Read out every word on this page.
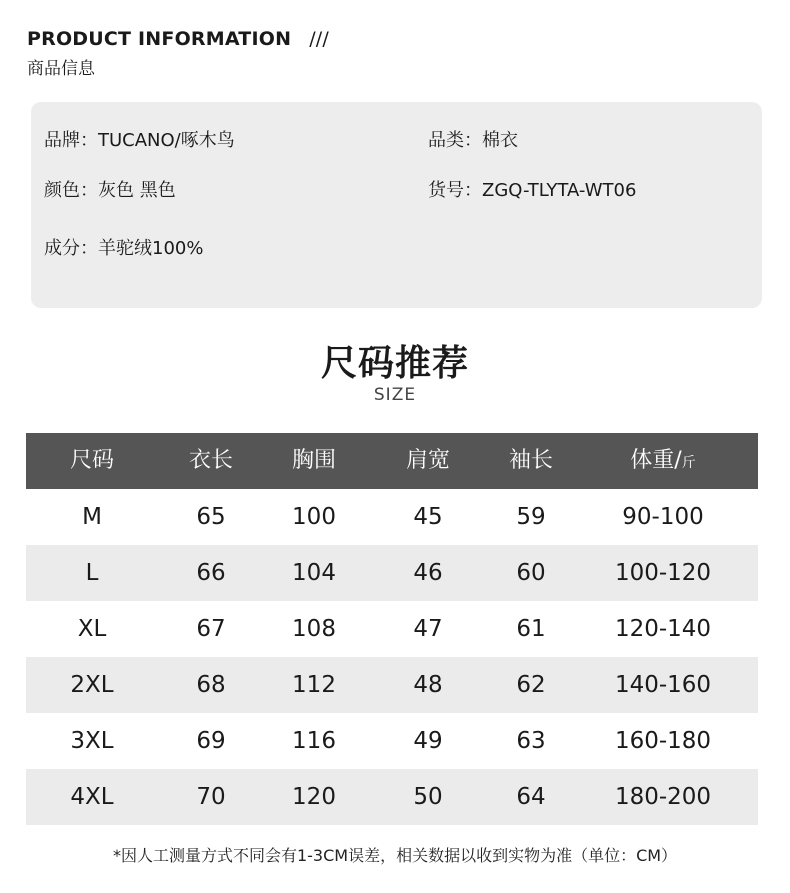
PRODUCT INFORMATION ///
商品信息
品牌：TUCANO/啄木鸟	品类：棉衣
颜色：灰色 黑色	货号：ZGQ-TLYTA-WT06
成分：羊驼绒100%
尺码推荐
SIZE
尺码	衣长	胸围	肩宽	袖长	体重/斤
M	65	100	45	59	90-100
L	66	104	46	60	100-120
XL	67	108	47	61	120-140
2XL	68	112	48	62	140-160
3XL	69	116	49	63	160-180
4XL	70	120	50	64	180-200
*因人工测量方式不同会有1-3CM误差，相关数据以收到实物为准（单位：CM）
